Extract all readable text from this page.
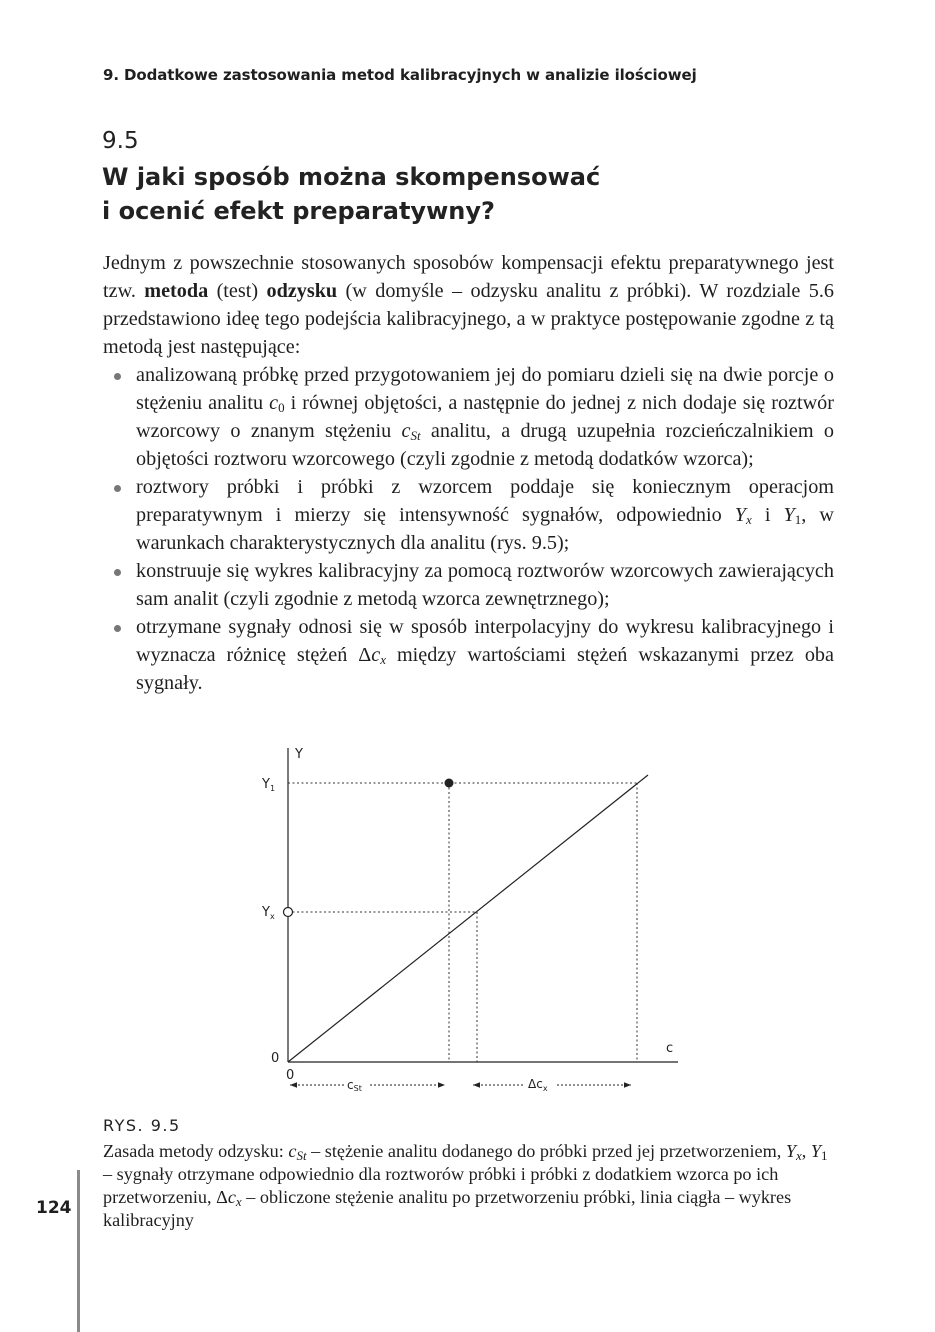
9. Dodatkowe zastosowania metod kalibracyjnych w analizie ilościowej
9.5
W jaki sposób można skompensować
i ocenić efekt preparatywny?

Jednym z powszechnie stosowanych sposobów kompensacji efektu preparatywnego jest tzw. metoda (test) odzysku (w domyśle – odzysku analitu z próbki). W rozdziale 5.6 przedstawiono ideę tego podejścia kalibracyjnego, a w praktyce postępowanie zgodne z tą metodą jest następujące:

analizowaną próbkę przed przygotowaniem jej do pomiaru dzieli się na dwie porcje o stężeniu analitu $c_0$ i równej objętości, a następnie do jednej z nich dodaje się roztwór wzorcowy o znanym stężeniu $c_{St}$ analitu, a drugą uzupełnia rozcieńczalnikiem o objętości roztworu wzorcowego (czyli zgodnie z metodą dodatków wzorca);
roztwory próbki i próbki z wzorcem poddaje się koniecznym operacjom preparatywnym i mierzy się intensywność sygnałów, odpowiednio $Y_x$ i $Y_1$, w warunkach charakterystycznych dla analitu (rys. 9.5);
konstruuje się wykres kalibracyjny za pomocą roztworów wzorcowych zawierających sam analit (czyli zgodnie z metodą wzorca zewnętrznego);
otrzymane sygnały odnosi się w sposób interpolacyjny do wykresu kalibracyjnego i wyznacza różnicę stężeń $\Delta c_x$ między wartościami stężeń wskazanymi przez oba sygnały.
Y
c
$Y_1$
$Y_x$
0
0
cSt	$\Delta c_x$
RYS. 9.5

Zasada metody odzysku: $c_{St}$ – stężenie analitu dodanego do próbki przed jej przetworzeniem, $Y_x$, $Y_1$ – sygnały otrzymane odpowiednio dla roztworów próbki i próbki z dodatkiem wzorca po ich przetworzeniu, $\Delta c_x$ – obliczone stężenie analitu po przetworzeniu próbki, linia ciągła – wykres kalibracyjny

124
